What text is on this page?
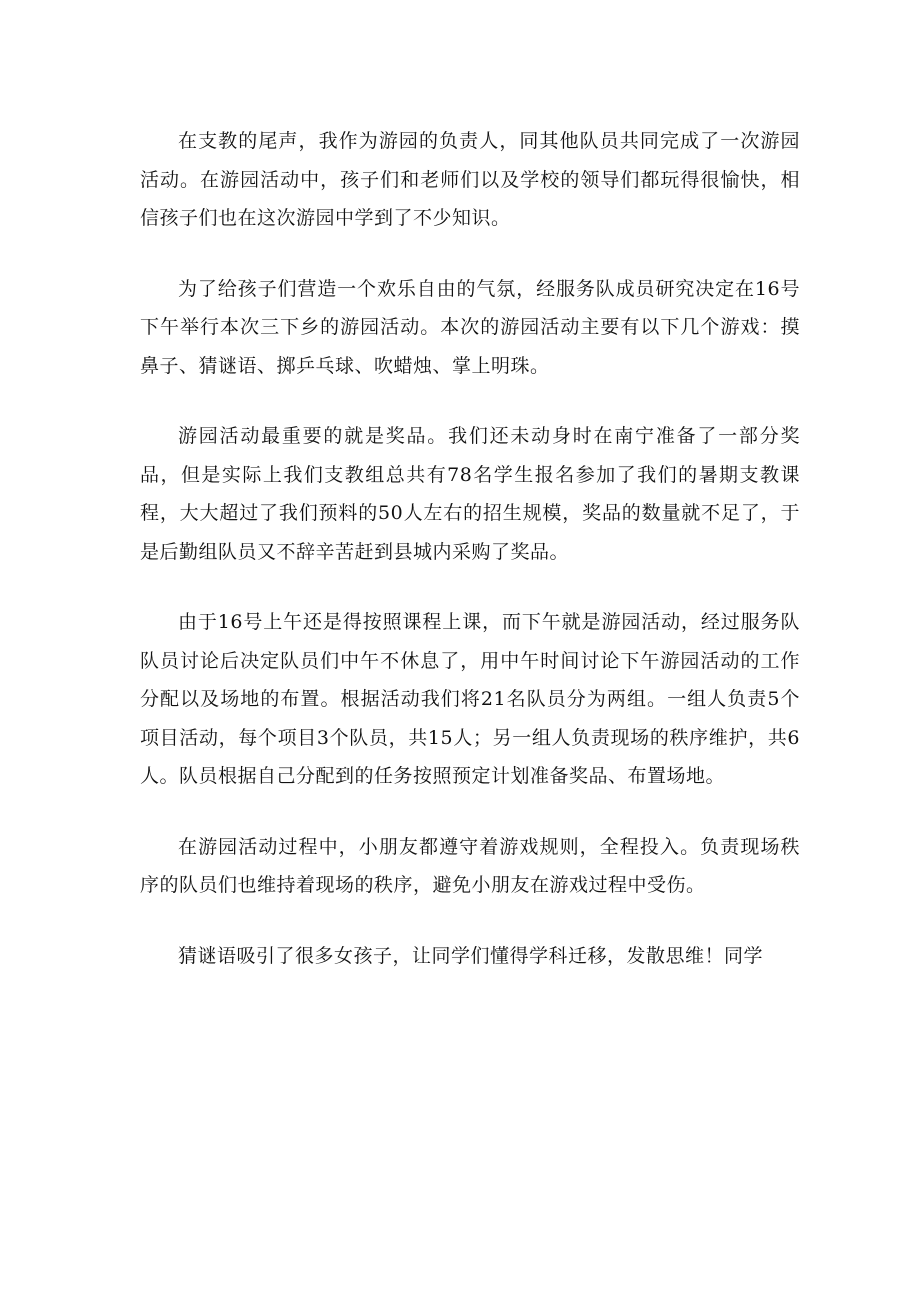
在支教的尾声，我作为游园的负责人，同其他队员共同完成了一次游园活动。在游园活动中，孩子们和老师们以及学校的领导们都玩得很愉快，相信孩子们也在这次游园中学到了不少知识。

为了给孩子们营造一个欢乐自由的气氛，经服务队成员研究决定在16号下午举行本次三下乡的游园活动。本次的游园活动主要有以下几个游戏：摸鼻子、猜谜语、掷乒乓球、吹蜡烛、掌上明珠。

游园活动最重要的就是奖品。我们还未动身时在南宁准备了一部分奖品，但是实际上我们支教组总共有78名学生报名参加了我们的暑期支教课程，大大超过了我们预料的50人左右的招生规模，奖品的数量就不足了，于是后勤组队员又不辞辛苦赶到县城内采购了奖品。

由于16号上午还是得按照课程上课，而下午就是游园活动，经过服务队队员讨论后决定队员们中午不休息了，用中午时间讨论下午游园活动的工作分配以及场地的布置。根据活动我们将21名队员分为两组。一组人负责5个项目活动，每个项目3个队员，共15人；另一组人负责现场的秩序维护，共6人。队员根据自己分配到的任务按照预定计划准备奖品、布置场地。

在游园活动过程中，小朋友都遵守着游戏规则，全程投入。负责现场秩序的队员们也维持着现场的秩序，避免小朋友在游戏过程中受伤。

猜谜语吸引了很多女孩子，让同学们懂得学科迁移，发散思维！同学
